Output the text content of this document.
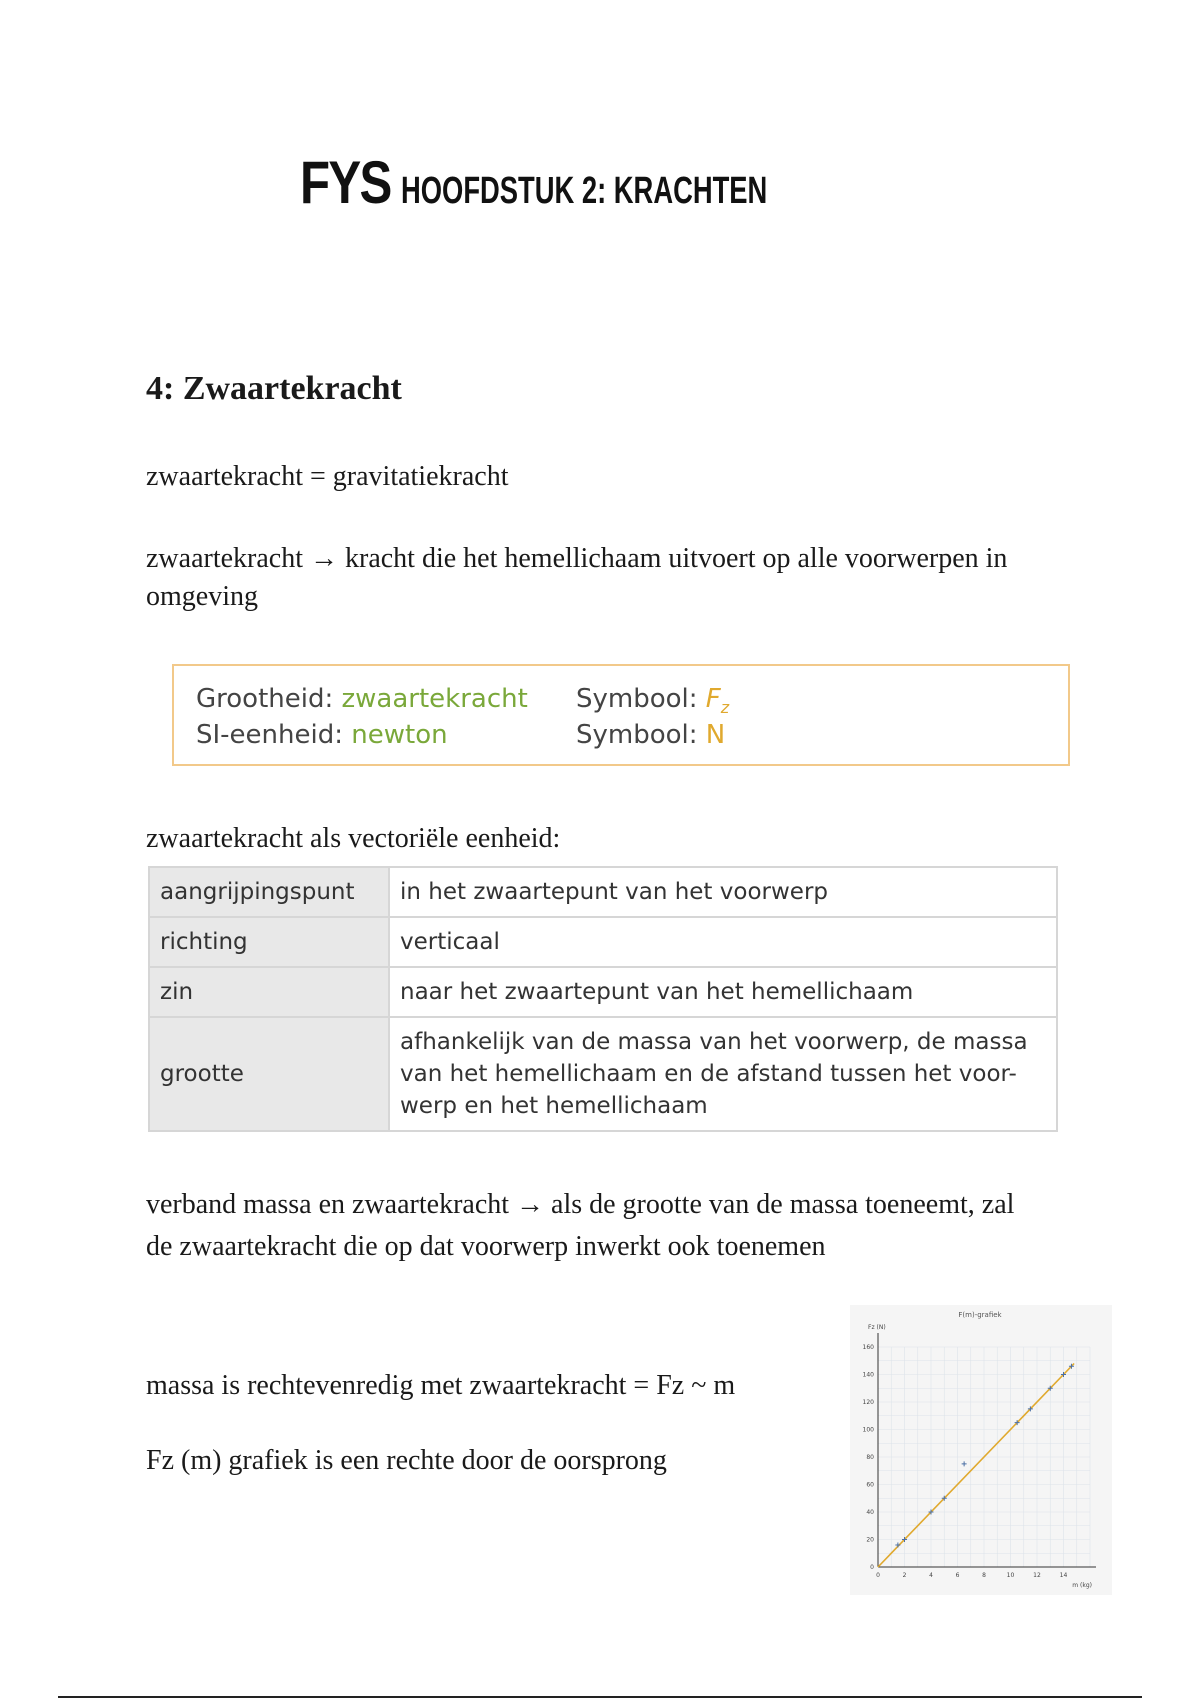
FYS HOOFDSTUK 2: KRACHTEN
4: Zwaartekracht
zwaartekracht = gravitatiekracht
zwaartekracht → kracht die het hemellichaam uitvoert op alle voorwerpen in omgeving
Grootheid: zwaartekracht Symbool: $F_z$
SI-eenheid: newton	Symbool: N
zwaartekracht als vectoriële eenheid:
aangrijpingspunt	in het zwaartepunt van het voorwerp
richting	verticaal
zin	naar het zwaartepunt van het hemellichaam
grootte	afhankelijk van de massa van het voorwerp, de massa van het hemellichaam en de afstand tussen het voor-werp en het hemellichaam
verband massa en zwaartekracht → als de grootte van de massa toeneemt, zal de zwaartekracht die op dat voorwerp inwerkt ook toenemen
massa is rechtevenredig met zwaartekracht = Fz ~ m
Fz (m) grafiek is een rechte door de oorsprong
0	2	4	6	8	10	12	14
0
20
40
60
80
100
120
140
160
F(m)-grafiek
Fz (N)
m (kg)
